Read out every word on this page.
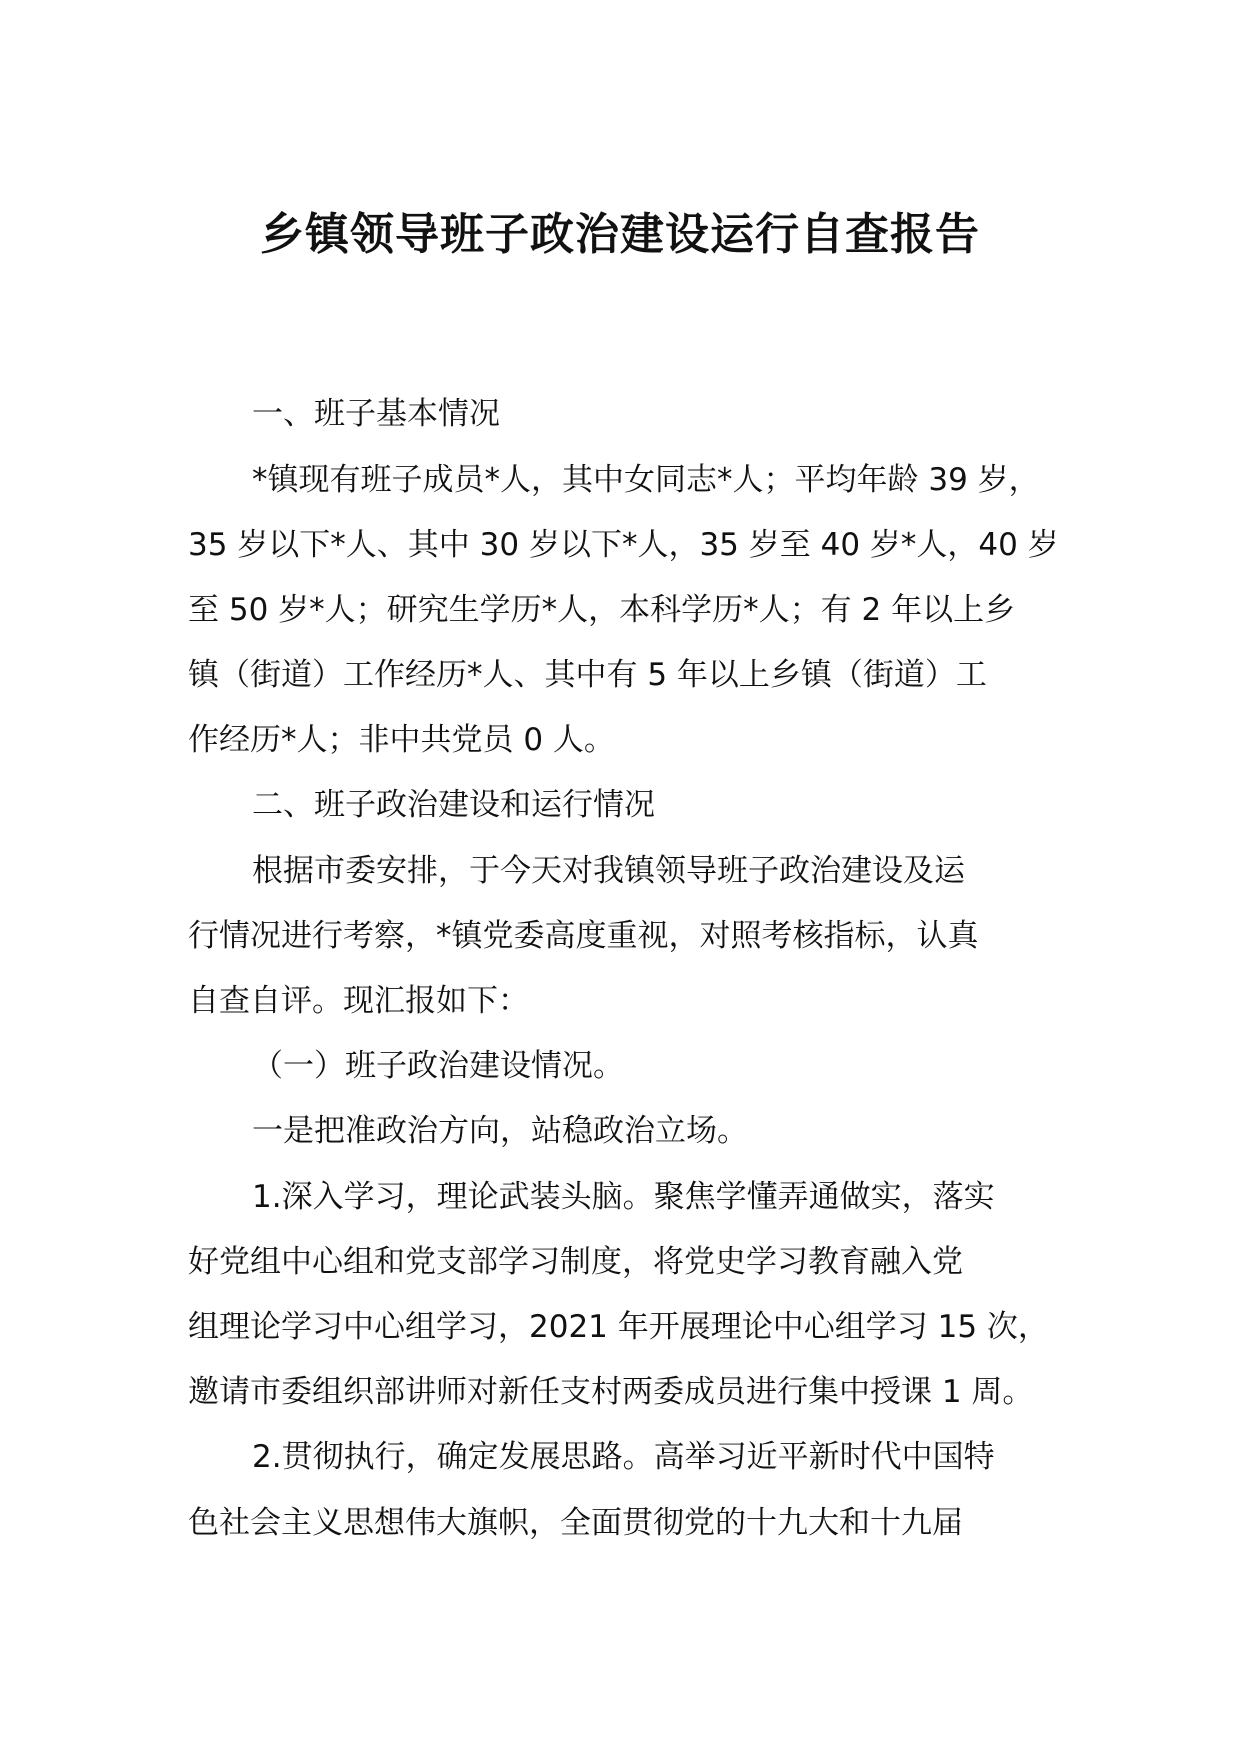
乡镇领导班子政治建设运行自查报告
一、班子基本情况
*镇现有班子成员*人，其中女同志*人；平均年龄 39 岁，
35 岁以下*人、其中 30 岁以下*人，35 岁至 40 岁*人，40 岁
至 50 岁*人；研究生学历*人，本科学历*人；有 2 年以上乡
镇（街道）工作经历*人、其中有 5 年以上乡镇（街道）工
作经历*人；非中共党员 0 人。
二、班子政治建设和运行情况
根据市委安排，于今天对我镇领导班子政治建设及运
行情况进行考察，*镇党委高度重视，对照考核指标，认真
自查自评。现汇报如下：
（一）班子政治建设情况。
一是把准政治方向，站稳政治立场。
1.深入学习，理论武装头脑。聚焦学懂弄通做实，落实
好党组中心组和党支部学习制度，将党史学习教育融入党
组理论学习中心组学习，2021 年开展理论中心组学习 15 次，
邀请市委组织部讲师对新任支村两委成员进行集中授课 1 周。
2.贯彻执行，确定发展思路。高举习近平新时代中国特
色社会主义思想伟大旗帜，全面贯彻党的十九大和十九届
